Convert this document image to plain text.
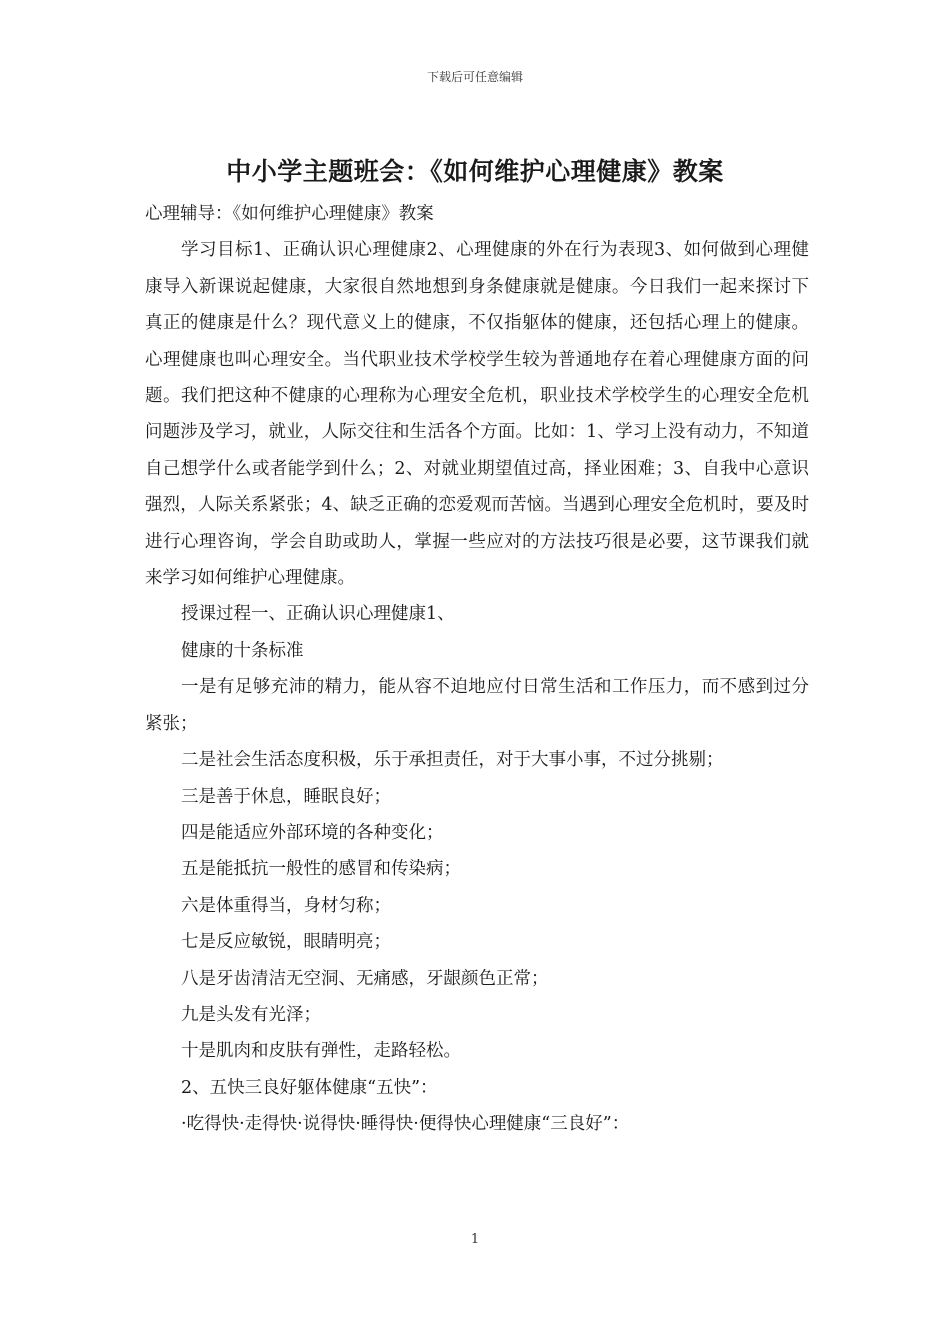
下载后可任意编辑
中小学主题班会：《如何维护心理健康》教案

心理辅导：《如何维护心理健康》教案

学习目标1、正确认识心理健康2、心理健康的外在行为表现3、如何做到心理健康导入新课说起健康，大家很自然地想到身条健康就是健康。今日我们一起来探讨下真正的健康是什么？现代意义上的健康，不仅指躯体的健康，还包括心理上的健康。心理健康也叫心理安全。当代职业技术学校学生较为普通地存在着心理健康方面的问题。我们把这种不健康的心理称为心理安全危机，职业技术学校学生的心理安全危机问题涉及学习，就业，人际交往和生活各个方面。比如：1、学习上没有动力，不知道自己想学什么或者能学到什么；2、对就业期望值过高，择业困难；3、自我中心意识强烈，人际关系紧张；4、缺乏正确的恋爱观而苦恼。当遇到心理安全危机时，要及时进行心理咨询，学会自助或助人，掌握一些应对的方法技巧很是必要，这节课我们就来学习如何维护心理健康。

授课过程一、正确认识心理健康1、

健康的十条标准

一是有足够充沛的精力，能从容不迫地应付日常生活和工作压力，而不感到过分紧张；

二是社会生活态度积极，乐于承担责任，对于大事小事，不过分挑剔；

三是善于休息，睡眠良好；

四是能适应外部环境的各种变化；

五是能抵抗一般性的感冒和传染病；

六是体重得当，身材匀称；

七是反应敏锐，眼睛明亮；

八是牙齿清洁无空洞、无痛感，牙龈颜色正常；

九是头发有光泽；

十是肌肉和皮肤有弹性，走路轻松。

2、五快三良好躯体健康“五快”：

·吃得快·走得快·说得快·睡得快·便得快心理健康“三良好”：

1
